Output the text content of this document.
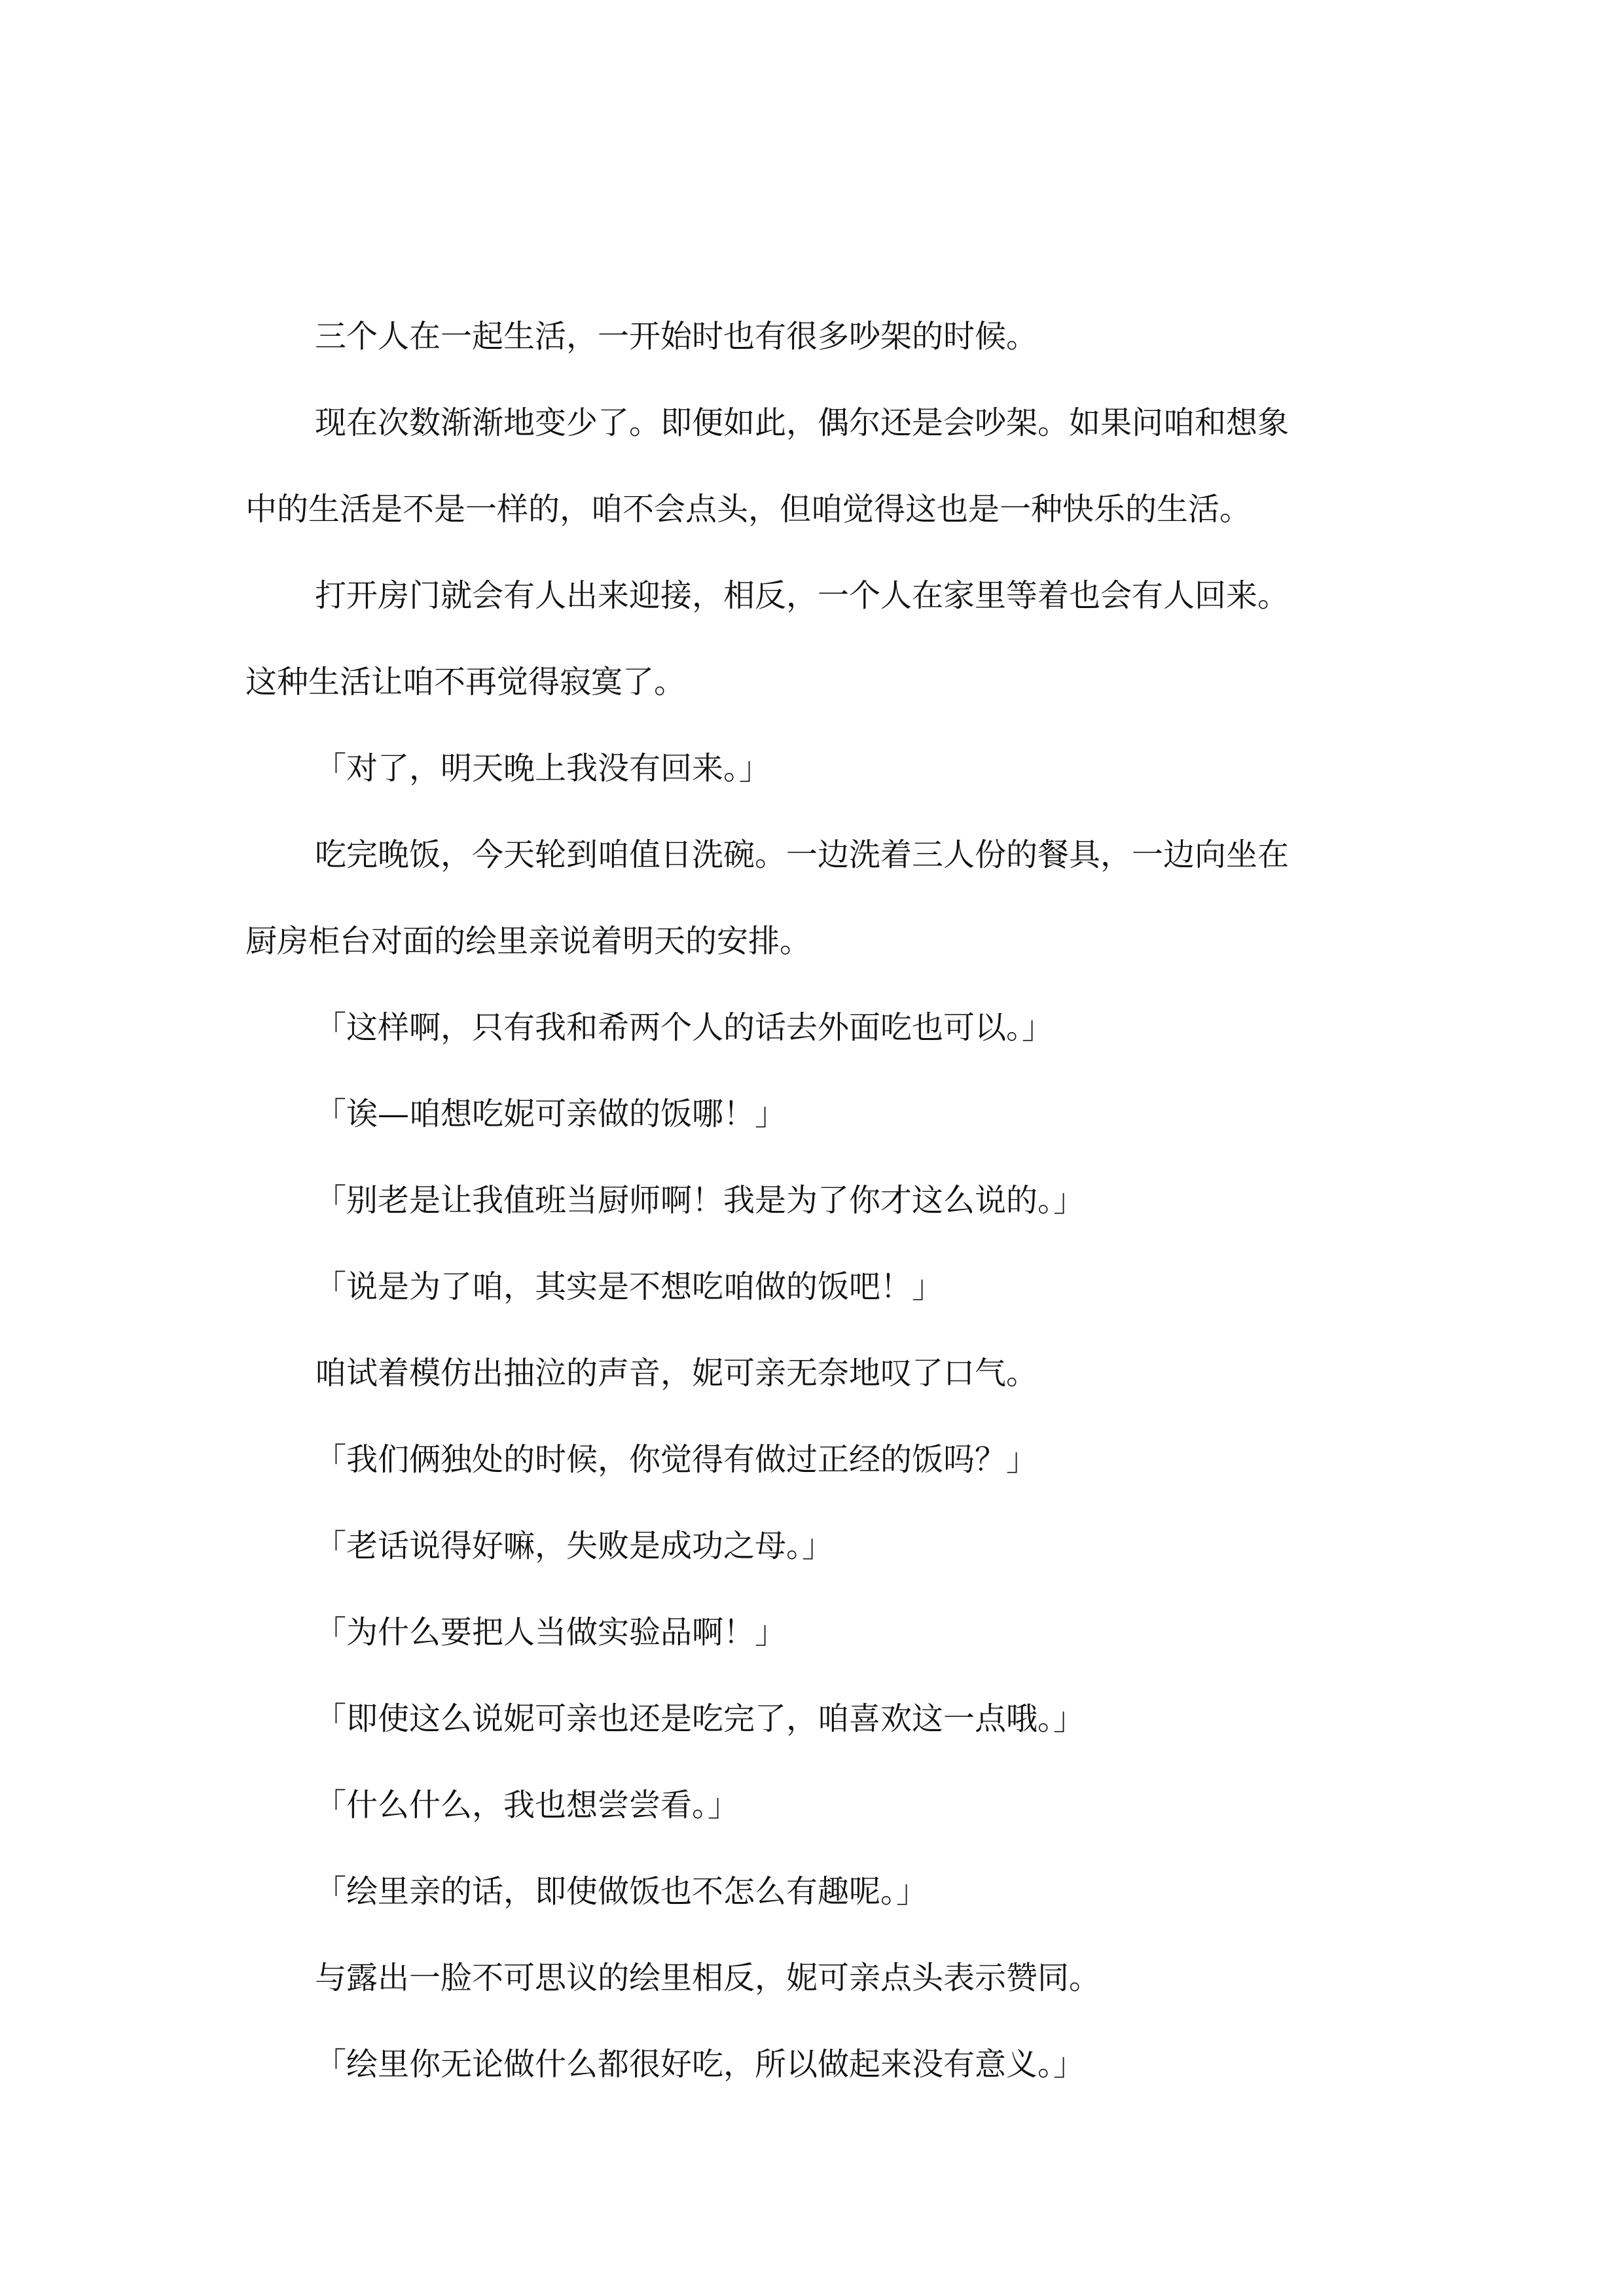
三个人在一起生活，一开始时也有很多吵架的时候。

现在次数渐渐地变少了。即便如此，偶尔还是会吵架。如果问咱和想象

中的生活是不是一样的，咱不会点头，但咱觉得这也是一种快乐的生活。

打开房门就会有人出来迎接，相反，一个人在家里等着也会有人回来。

这种生活让咱不再觉得寂寞了。

「对了，明天晚上我没有回来。」

吃完晚饭，今天轮到咱值日洗碗。一边洗着三人份的餐具，一边向坐在

厨房柜台对面的绘里亲说着明天的安排。

「这样啊，只有我和希两个人的话去外面吃也可以。」

「诶—咱想吃妮可亲做的饭哪！」

「别老是让我值班当厨师啊！我是为了你才这么说的。」

「说是为了咱，其实是不想吃咱做的饭吧！」

咱试着模仿出抽泣的声音，妮可亲无奈地叹了口气。

「我们俩独处的时候，你觉得有做过正经的饭吗？」

「老话说得好嘛，失败是成功之母。」

「为什么要把人当做实验品啊！」

「即使这么说妮可亲也还是吃完了，咱喜欢这一点哦。」

「什么什么，我也想尝尝看。」

「绘里亲的话，即使做饭也不怎么有趣呢。」

与露出一脸不可思议的绘里相反，妮可亲点头表示赞同。

「绘里你无论做什么都很好吃，所以做起来没有意义。」
